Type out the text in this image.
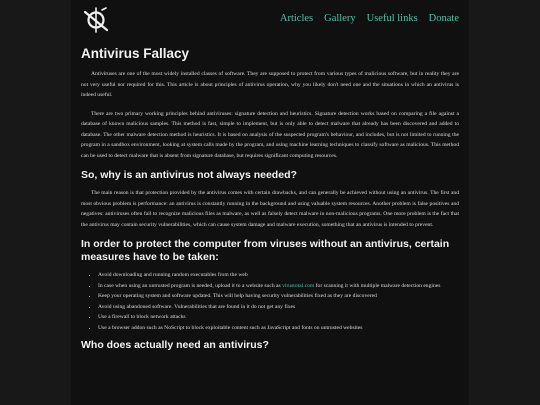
Articles Gallery Useful links Donate
Antivirus Fallacy

Antiviruses are one of the most widely installed classes of software. They are supposed to protect from various types of malicious software, but in reality they are not very useful nor required for this. This article is about principles of antivirus operation, why you likely don't need one and the situations in which an antivirus is indeed useful.

There are two primary working principles behind antiviruses: signature detection and heuristics. Signature detection works based on comparing a file against a database of known malicious samples. This method is fast, simple to implement, but is only able to detect malware that already has been discovered and added to database. The other malware detection method is heuristics. It is based on analysis of the suspected program's behaviour, and includes, but is not limited to running the program in a sandbox environment, looking at system calls made by the program, and using machine learning techniques to classify software as malicious. This method can be used to detect malware that is absent from signature database, but requires significant computing resources.

So, why is an antivirus not always needed?

The main reason is that protection provided by the antivirus comes with certain drawbacks, and can generally be achieved without using an antivirus. The first and most obvious problem is performance: an antivirus is constantly running in the background and using valuable system resources. Another problem is false positives and negatives: antiviruses often fail to recognize malicious files as malware, as well as falsely detect malware in non-malicious programs. One more problem is the fact that the antivirus may contain security vulnerabilities, which can cause system damage and malware execution, something that an antivirus is intended to prevent.

In order to protect the computer from viruses without an antivirus, certain measures have to be taken:
• Avoid downloading and running random executables from the web
• In case when using an untrusted program is needed, upload it to a website such as virustotal.com for scanning it with multiple malware detection engines
• Keep your operating system and software updated. This will help having security vulnerabilities fixed as they are discovered
• Avoid using abandoned software. Vulnerabilities that are found in it do not get any fixes
• Use a firewall to block network attacks
• Use a browser addon such as NoScript to block exploitable content such as JavaScript and fonts on untrusted websites
Who does actually need an antivirus?
